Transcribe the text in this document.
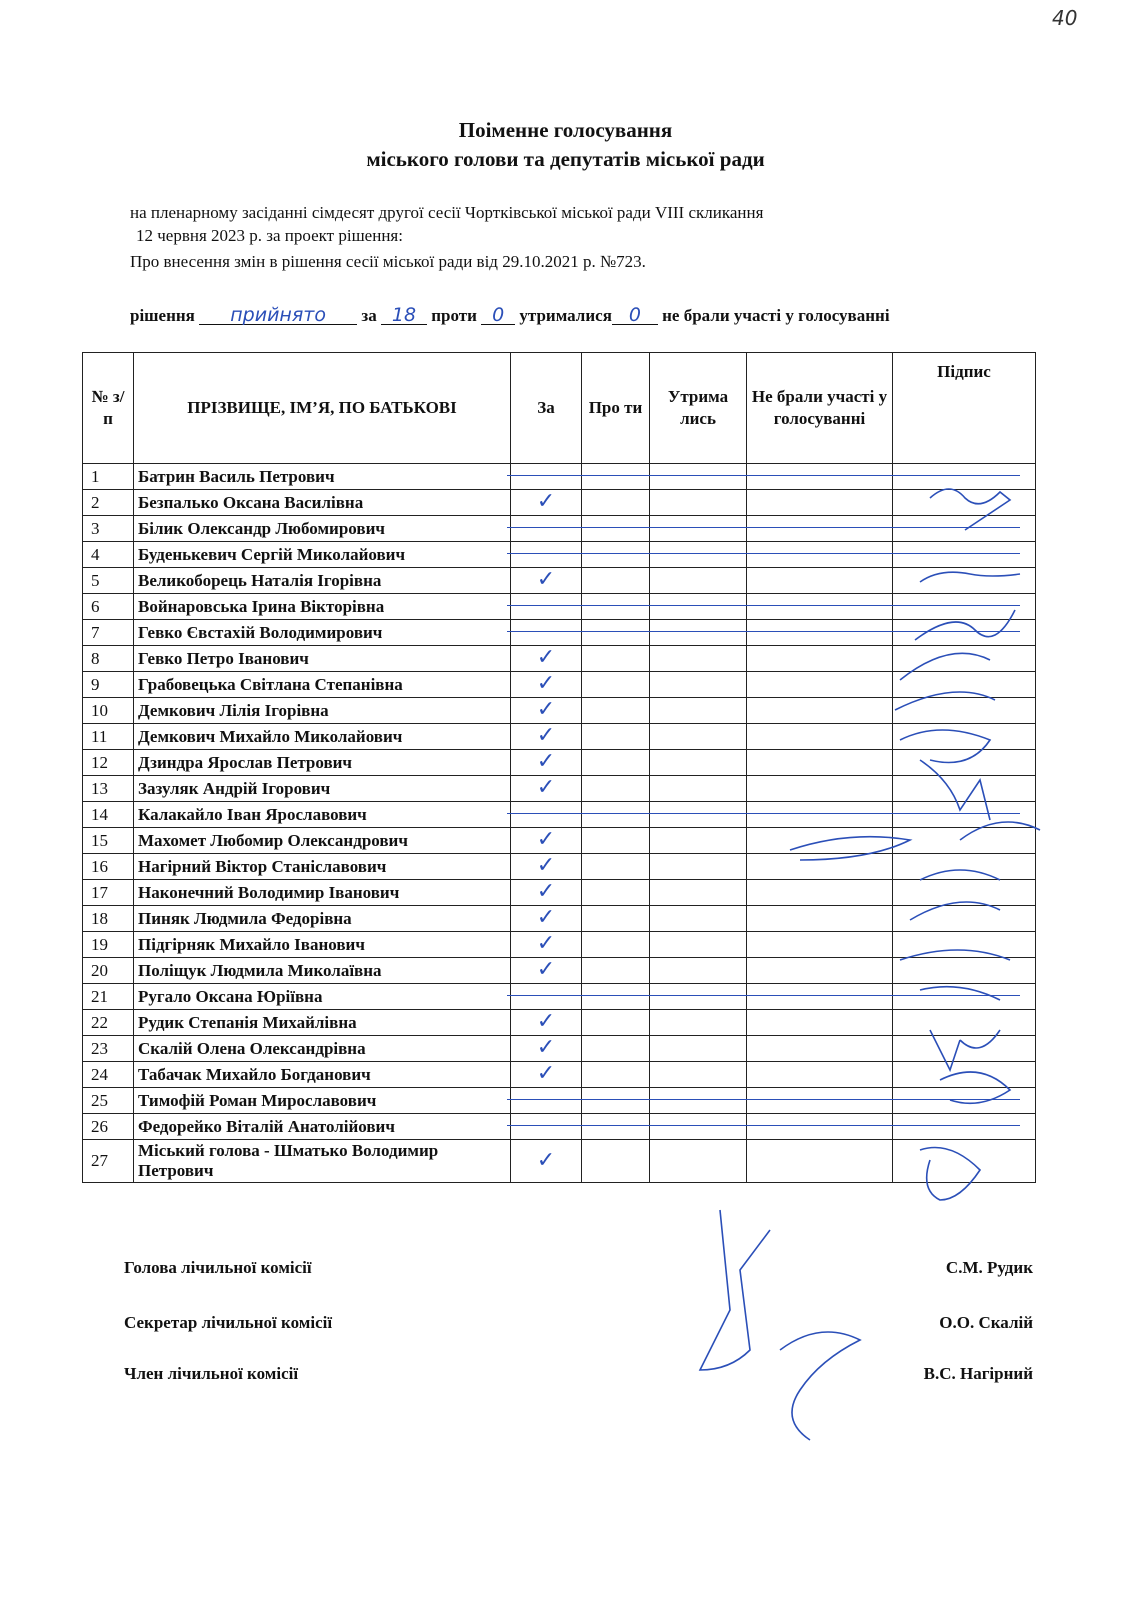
40
Поіменне голосування
міського голови та депутатів міської ради
на пленарному засіданні сімдесят другої сесії Чортківської міської ради VIII скликання
12 червня 2023 р. за проект рішення:
Про внесення змін в рішення сесії міської ради від 29.10.2021 р. №723.
рішення прийнято за 18 проти 0 утрималися 0 не брали участі у голосуванні
№ з/п	ПРІЗВИЩЕ, ІМ’Я, ПО БАТЬКОВІ	За	Про ти	Утрима лись	Не брали участі у голосуванні	Підпис
1	Батрин Василь Петрович					
2	Безпалько Оксана Василівна	✓				
3	Білик Олександр Любомирович					
4	Буденькевич Сергій Миколайович					
5	Великоборець Наталія Ігорівна	✓				
6	Войнаровська Ірина Вікторівна					
7	Гевко Євстахій Володимирович					
8	Гевко Петро Іванович	✓				
9	Грабовецька Світлана Степанівна	✓				
10	Демкович Лілія Ігорівна	✓				
11	Демкович Михайло Миколайович	✓				
12	Дзиндра Ярослав Петрович	✓				
13	Зазуляк Андрій Ігорович	✓				
14	Калакайло Іван Ярославович					
15	Махомет Любомир Олександрович	✓				
16	Нагірний Віктор Станіславович	✓				
17	Наконечний Володимир Іванович	✓				
18	Пиняк Людмила Федорівна	✓				
19	Підгірняк Михайло Іванович	✓				
20	Поліщук Людмила Миколаївна	✓				
21	Ругало Оксана Юріївна					
22	Рудик Степанія Михайлівна	✓				
23	Скалій Олена Олександрівна	✓				
24	Табачак Михайло Богданович	✓				
25	Тимофій Роман Мирославович					
26	Федорейко Віталій Анатолійович					
27	Міський голова - Шматько Володимир Петрович	✓				
Голова лічильної комісії	С.М. Рудик
Секретар лічильної комісії	О.О. Скалій
Член лічильної комісії	В.С. Нагірний
